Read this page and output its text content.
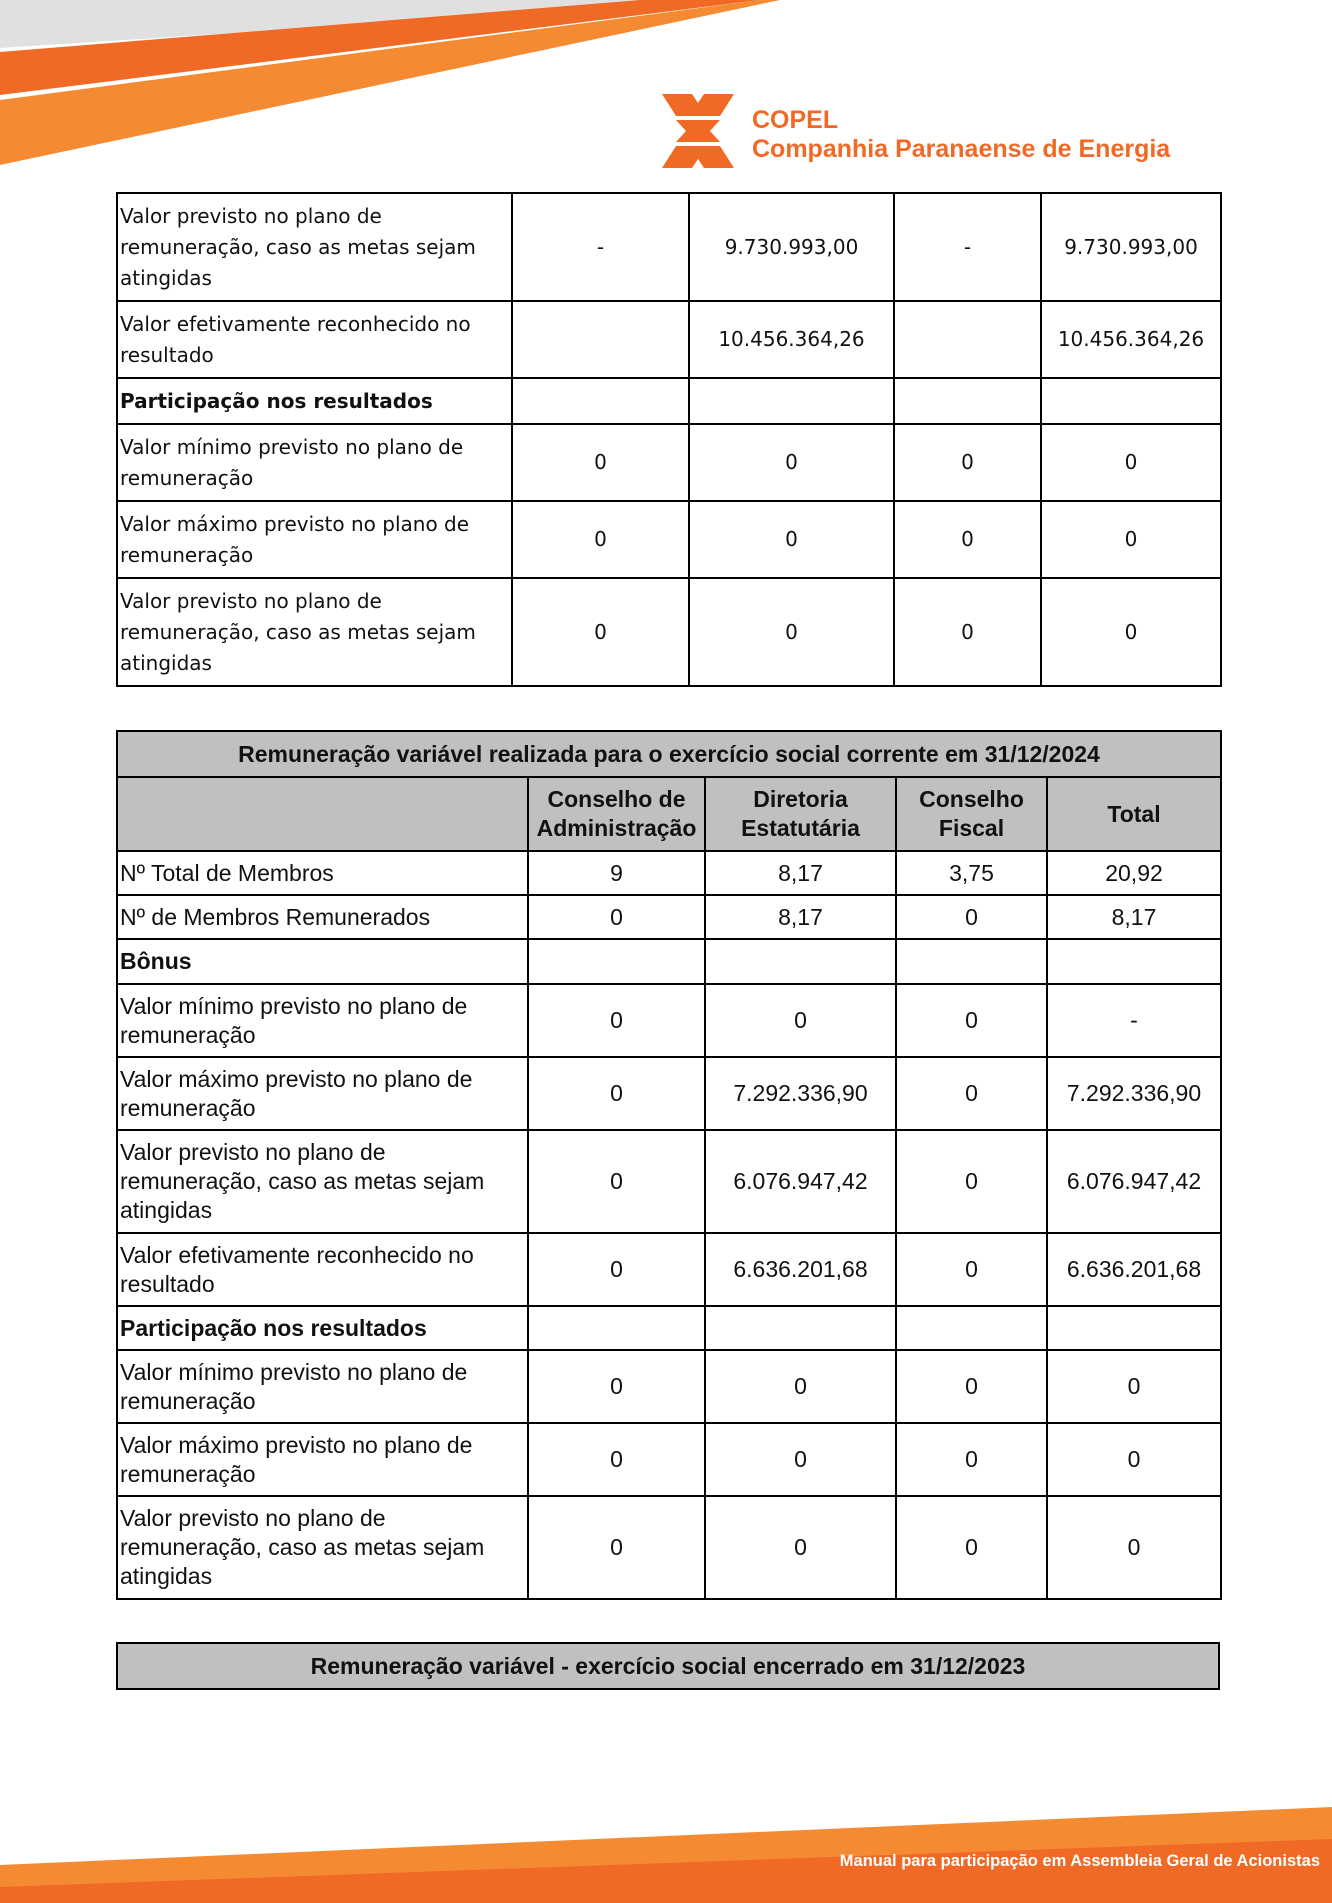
COPEL
Companhia Paranaense de Energia
Valor previsto no plano de remuneração, caso as metas sejam atingidas	-	9.730.993,00	-	9.730.993,00
Valor efetivamente reconhecido no resultado		10.456.364,26		10.456.364,26
Participação nos resultados				
Valor mínimo previsto no plano de remuneração	0	0	0	0
Valor máximo previsto no plano de remuneração	0	0	0	0
Valor previsto no plano de remuneração, caso as metas sejam atingidas	0	0	0	0
Remuneração variável realizada para o exercício social corrente em 31/12/2024				
	Conselho de Administração	Diretoria Estatutária	Conselho Fiscal	Total
Nº Total de Membros	9	8,17	3,75	20,92
Nº de Membros Remunerados	0	8,17	0	8,17
Bônus				
Valor mínimo previsto no plano de remuneração	0	0	0	-
Valor máximo previsto no plano de remuneração	0	7.292.336,90	0	7.292.336,90
Valor previsto no plano de remuneração, caso as metas sejam atingidas	0	6.076.947,42	0	6.076.947,42
Valor efetivamente reconhecido no resultado	0	6.636.201,68	0	6.636.201,68
Participação nos resultados				
Valor mínimo previsto no plano de remuneração	0	0	0	0
Valor máximo previsto no plano de remuneração	0	0	0	0
Valor previsto no plano de remuneração, caso as metas sejam atingidas	0	0	0	0
Remuneração variável - exercício social encerrado em 31/12/2023
Manual para participação em Assembleia Geral de Acionistas
